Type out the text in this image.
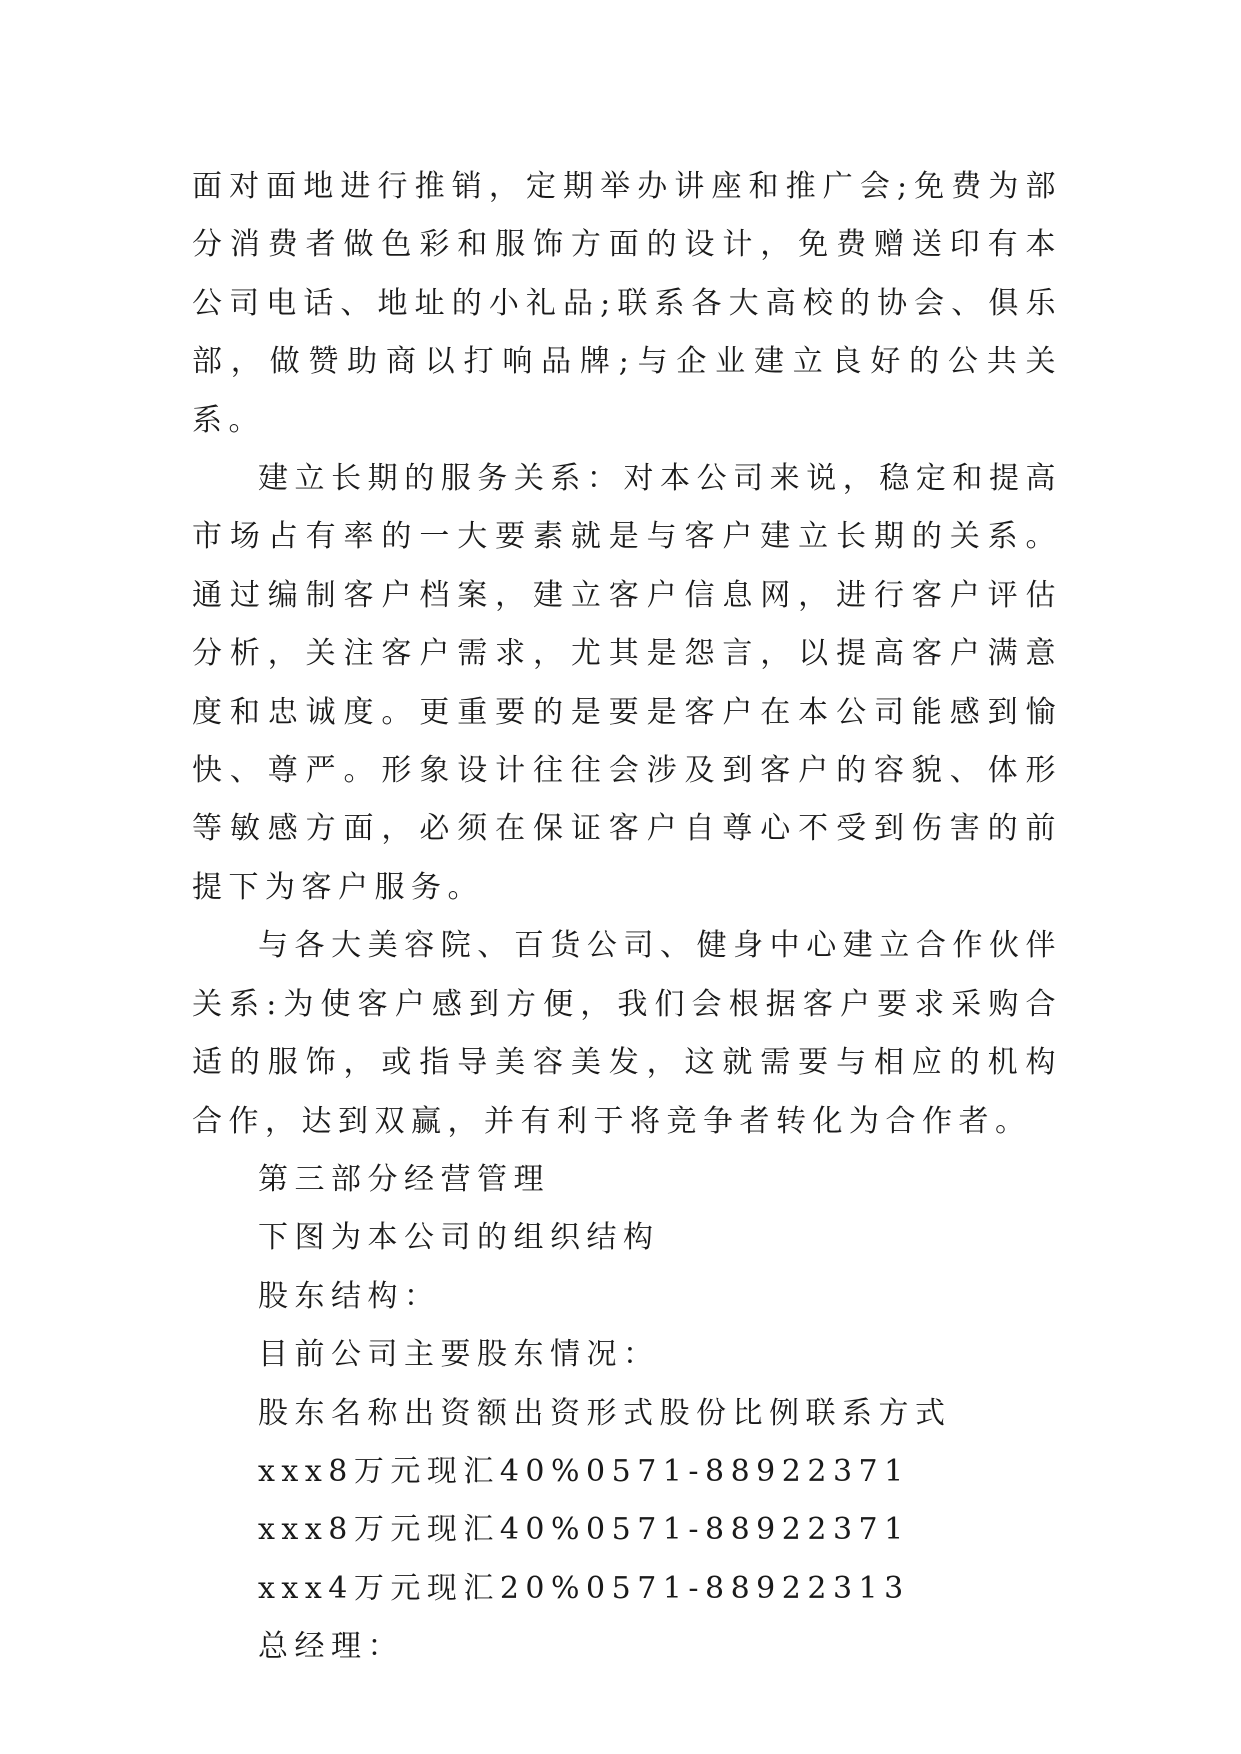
面对面地进行推销，定期举办讲座和推广会;免费为部分消费者做色彩和服饰方面的设计，免费赠送印有本公司电话、地址的小礼品;联系各大高校的协会、俱乐部，做赞助商以打响品牌;与企业建立良好的公共关系。

建立长期的服务关系：对本公司来说，稳定和提高市场占有率的一大要素就是与客户建立长期的关系。通过编制客户档案，建立客户信息网，进行客户评估分析，关注客户需求，尤其是怨言，以提高客户满意度和忠诚度。更重要的是要是客户在本公司能感到愉快、尊严。形象设计往往会涉及到客户的容貌、体形等敏感方面，必须在保证客户自尊心不受到伤害的前提下为客户服务。

与各大美容院、百货公司、健身中心建立合作伙伴关系:为使客户感到方便，我们会根据客户要求采购合适的服饰，或指导美容美发，这就需要与相应的机构合作，达到双赢，并有利于将竞争者转化为合作者。

第三部分经营管理

下图为本公司的组织结构

股东结构：

目前公司主要股东情况：

股东名称出资额出资形式股份比例联系方式

xxx8万元现汇40%0571-88922371

xxx8万元现汇40%0571-88922371

xxx4万元现汇20%0571-88922313

总经理：
